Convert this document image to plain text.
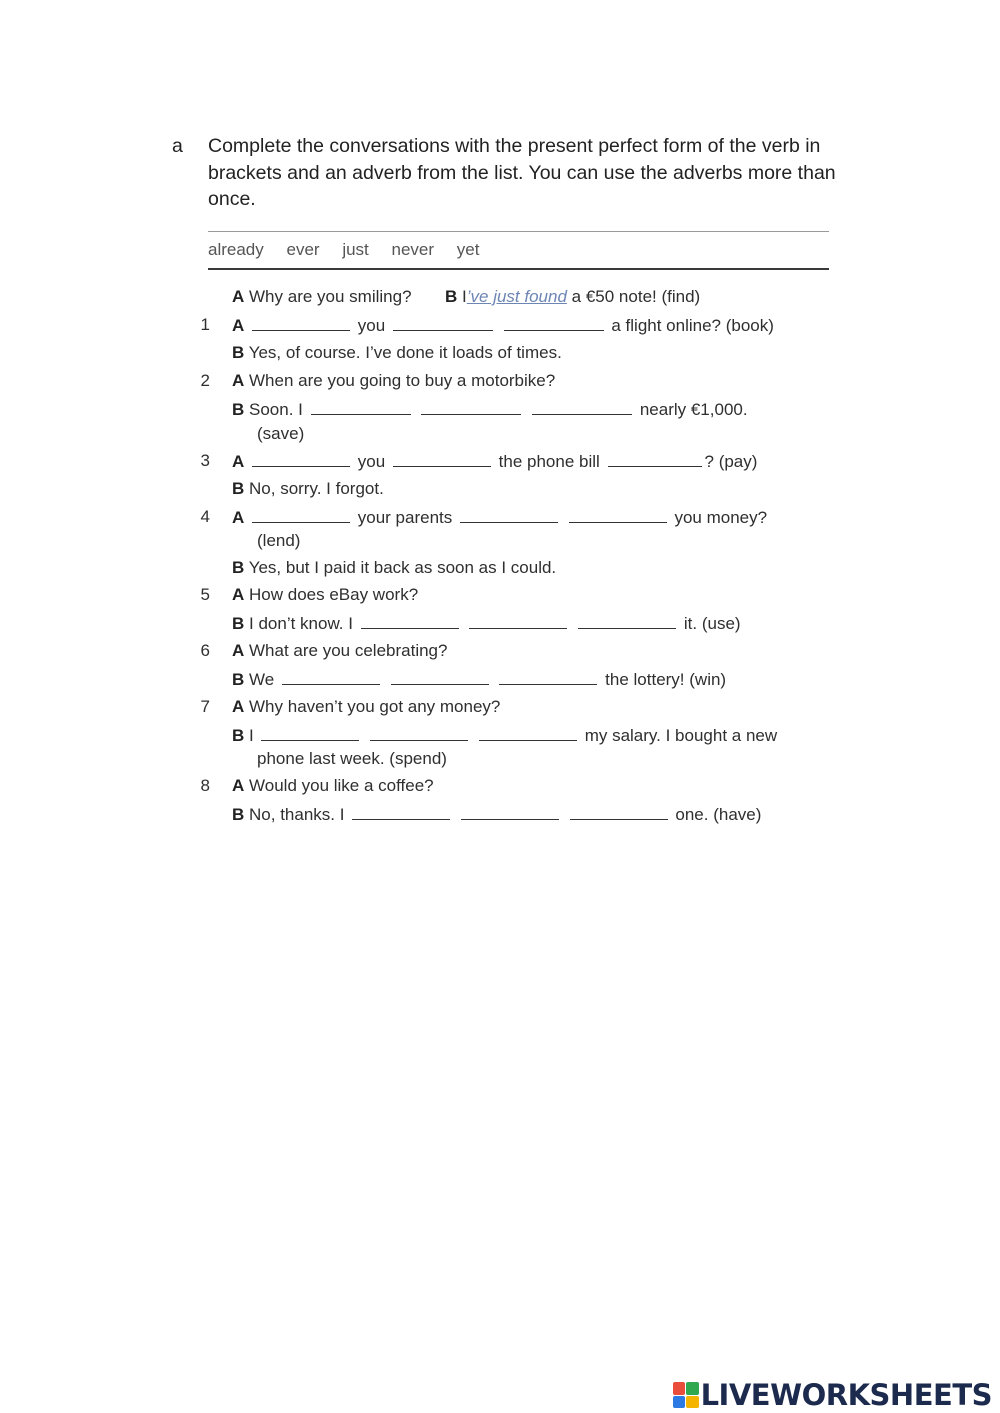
a Complete the conversations with the present perfect form of the verb in brackets and an adverb from the list. You can use the adverbs more than once.
already ever just never yet
A Why are you smiling? B I’ve just found a €50 note! (find)
1 A	you	a flight online? (book)
B Yes, of course. I’ve done it loads of times.
2 A When are you going to buy a motorbike?
B Soon. I	nearly €1,000.
(save)
3 A	you	the phone bill	? (pay)
B No, sorry. I forgot.
4 A	your parents	you money?
(lend)
B Yes, but I paid it back as soon as I could.
5 A How does eBay work?
B I don’t know. I	it. (use)
6 A What are you celebrating?
B We	the lottery! (win)
7 A Why haven’t you got any money?
B I	my salary. I bought a new
phone last week. (spend)
8 A Would you like a coffee?
B No, thanks. I	one. (have)
LIVEWORKSHEETS
